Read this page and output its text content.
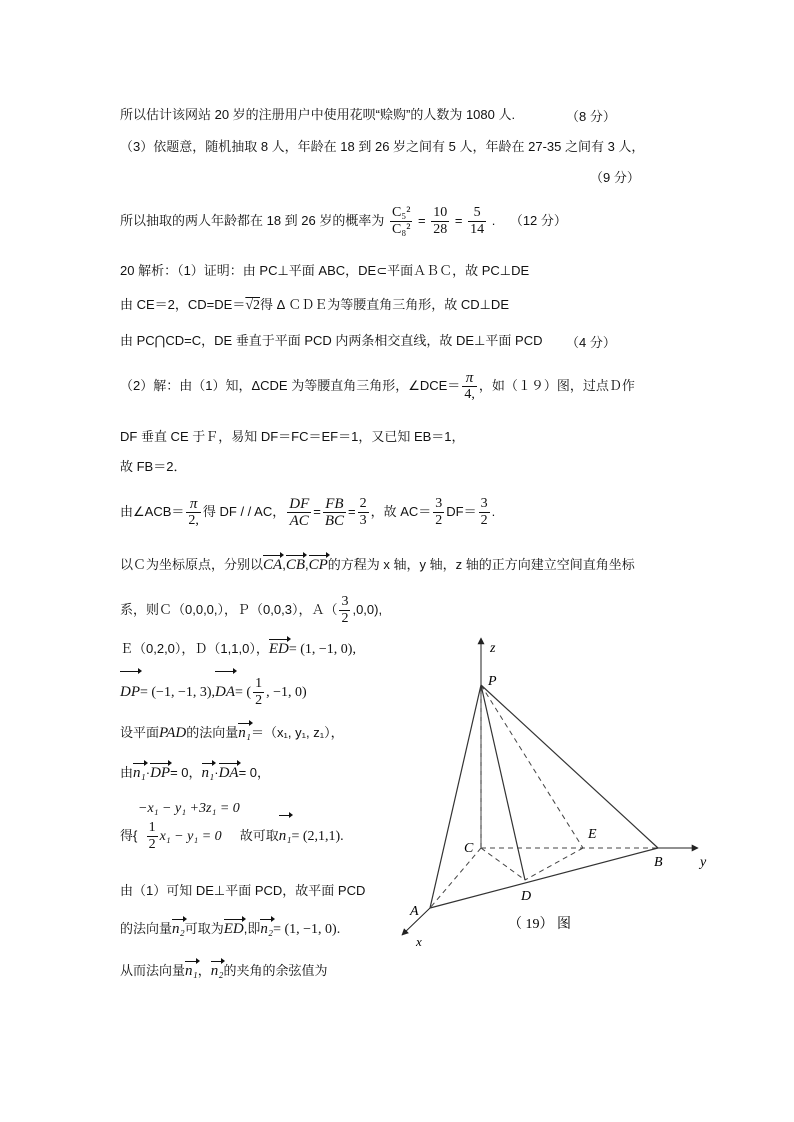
所以估计该网站 20 岁的注册用户中使用花呗“赊购”的人数为 1080 人.	（8 分）
（3）依题意，随机抽取 8 人，年龄在 18 到 26 岁之间有 5 人，年龄在 27-35 之间有 3 人，
（9 分）
所以抽取的两人年龄都在 18 到 26 岁的概率为 $\frac{\text{C₅²}}{\text{C₈²}} = \frac{10}{28} = \frac{5}{14}$ . （12 分）
20 解析：（1）证明：由 PC⊥平面 ABC，DE⊂平面ＡＢＣ，故 PC⊥DE
由 CE＝2，CD=DE＝√2得 Δ ＣＤＥ为等腰直角三角形，故 CD⊥DE
由 PC⋂CD=C，DE 垂直于平面 PCD 内两条相交直线，故 DE⊥平面 PCD （4 分）
（2）解：由（1）知，ΔCDE 为等腰直角三角形，∠DCE＝ $\frac{\pi}{4,}$ ，如（１９）图，过点Ｄ作
DF 垂直 CE 于Ｆ，易知 DF＝FC＝EF＝1，又已知 EB＝1，
故 FB＝2．
由∠ACB＝ $\frac{\pi}{2,}$ 得 DF / / AC， $\frac{DF}{AC} = \frac{FB}{BC} = \frac{2}{3}$ ，故 $AC= \frac{3}{2} DF= \frac{3}{2}$ .
以Ｃ为坐标原点，分别以CA,CB,CP的方程为 x 轴，y 轴，z 轴的正方向建立空间直角坐标
系，则Ｃ（0,0,0,），Ｐ（0,0,3），Ａ（ $\frac{3}{2} ,0,0$),
Ｅ（0,2,0），Ｄ（1,1,0），ED= (1, −1, 0),
DP= (−1, −1, 3),DA= ( $\frac{1}{2}$ , −1, 0)
设平面PAD的法向量n₁＝（x₁, y₁, z₁），
由n₁·DP= 0，n₁·DA= 0，
−x₁ − y₁ +3z₁ = 0
得{ $\frac{1}{2} x_1 - y_1 = 0$ 故可取n₁= (2,1,1).
由（1）可知 DE⊥平面 PCD，故平面 PCD
的法向量n₂可取为ED,即n₂= (1, −1, 0).
从而法向量n₁，n₂的夹角的余弦值为
z
P
C
E
B	y
D
A
x
（ 19） 图
